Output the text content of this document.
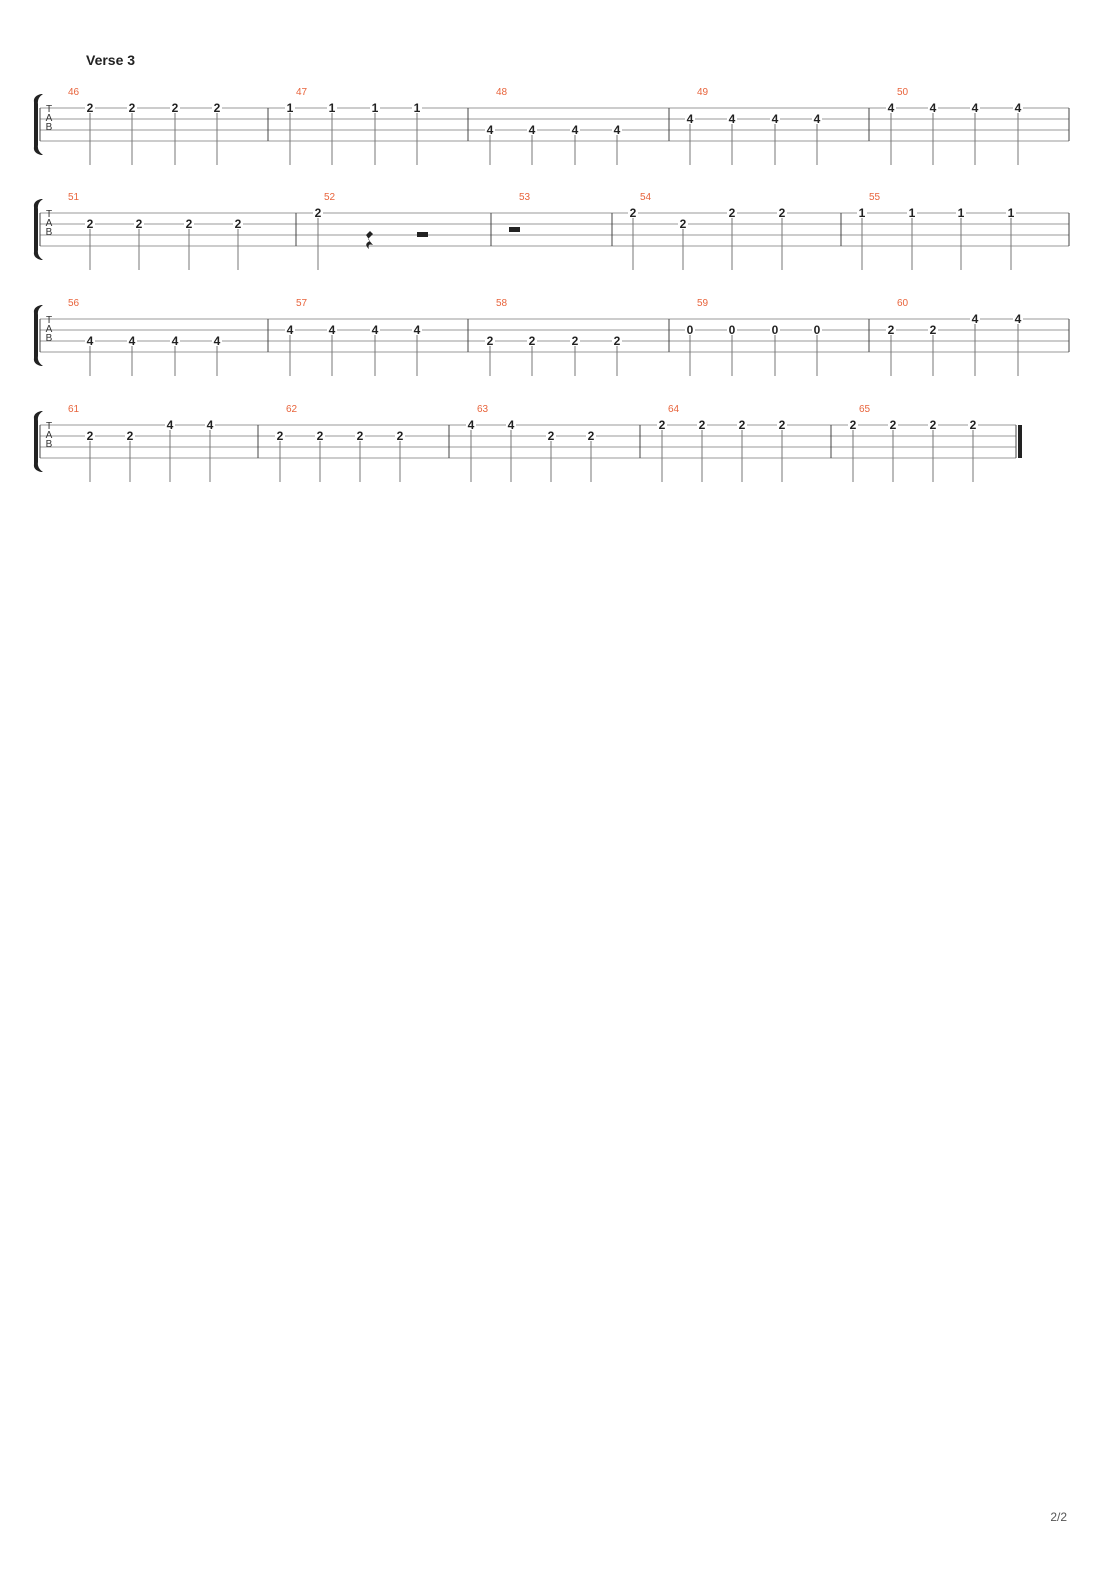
Verse 3
T
A
B
46
2	2	2	2
47
1	1	1	1
48
4	4	4	4
49
4	4	4	4
50
4	4	4	4
T
A
B
51
2	2	2	2
52
2
53	54
2
2
2	2
55
1	1	1	1
T
A
B
56
4	4	4	4
57
4	4	4	4
58
2	2	2	2
59
0	0	0	0
60
2	2
4	4
T
A
B
61
2	2
4	4
62
2	2	2	2
63
4	4
2	2
64
2	2	2	2
65
2	2	2	2
2/2
